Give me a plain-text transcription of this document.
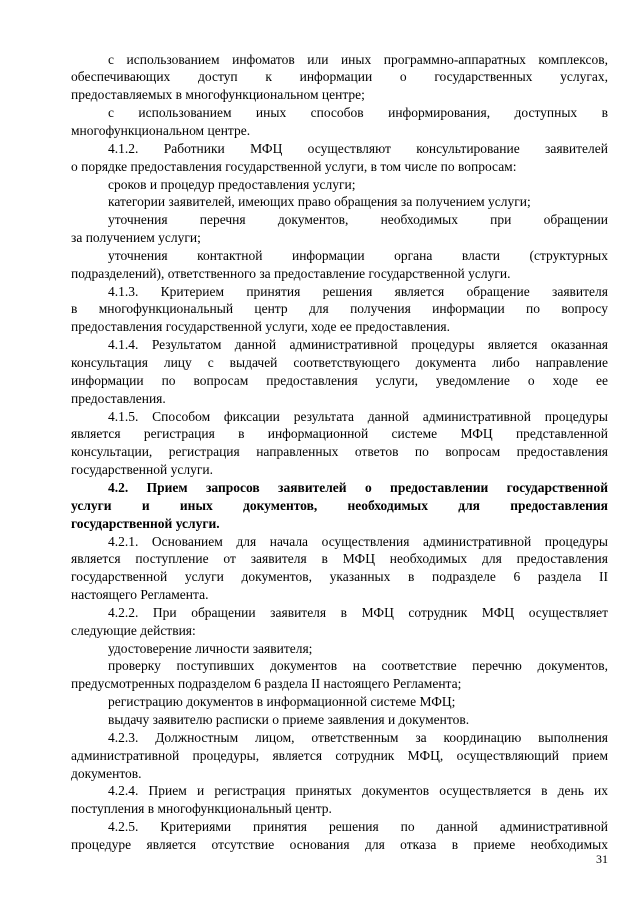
с использованием инфоматов или иных программно-аппаратных комплексов,
обеспечивающих доступ к информации о государственных услугах,
предоставляемых в многофункциональном центре;
с использованием иных способов информирования, доступных в
многофункциональном центре.
4.1.2. Работники МФЦ осуществляют консультирование заявителей
о порядке предоставления государственной услуги, в том числе по вопросам:
сроков и процедур предоставления услуги;
категории заявителей, имеющих право обращения за получением услуги;
уточнения перечня документов, необходимых при обращении
за получением услуги;
уточнения контактной информации органа власти (структурных
подразделений), ответственного за предоставление государственной услуги.
4.1.3. Критерием принятия решения является обращение заявителя
в многофункциональный центр для получения информации по вопросу
предоставления государственной услуги, ходе ее предоставления.
4.1.4. Результатом данной административной процедуры является оказанная
консультация лицу с выдачей соответствующего документа либо направление
информации по вопросам предоставления услуги, уведомление о ходе ее
предоставления.
4.1.5. Способом фиксации результата данной административной процедуры
является регистрация в информационной системе МФЦ представленной
консультации, регистрация направленных ответов по вопросам предоставления
государственной услуги.
4.2. Прием запросов заявителей о предоставлении государственной
услуги и иных документов, необходимых для предоставления
государственной услуги.
4.2.1. Основанием для начала осуществления административной процедуры
является поступление от заявителя в МФЦ необходимых для предоставления
государственной услуги документов, указанных в подразделе 6 раздела II
настоящего Регламента.
4.2.2. При обращении заявителя в МФЦ сотрудник МФЦ осуществляет
следующие действия:
удостоверение личности заявителя;
проверку поступивших документов на соответствие перечню документов,
предусмотренных подразделом 6 раздела II настоящего Регламента;
регистрацию документов в информационной системе МФЦ;
выдачу заявителю расписки о приеме заявления и документов.
4.2.3. Должностным лицом, ответственным за координацию выполнения
административной процедуры, является сотрудник МФЦ, осуществляющий прием
документов.
4.2.4. Прием и регистрация принятых документов осуществляется в день их
поступления в многофункциональный центр.
4.2.5. Критериями принятия решения по данной административной
процедуре является отсутствие основания для отказа в приеме необходимых
31
